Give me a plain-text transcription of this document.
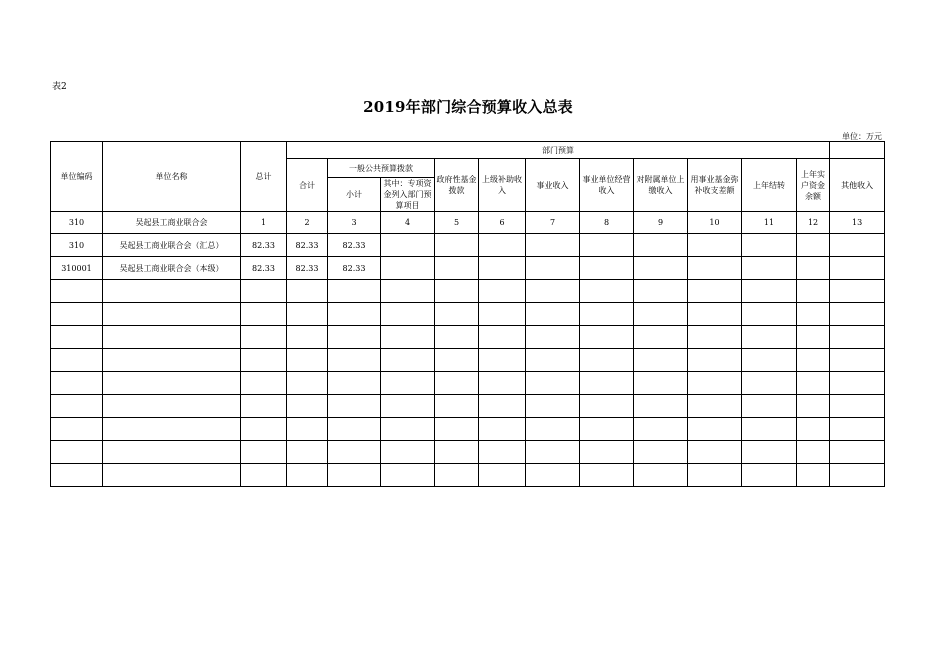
表2
2019年部门综合预算收入总表
单位：万元
单位编码	单位名称	总计	部门预算											
			合计	一般公共预算拨款		政府性基金拨款	上级补助收入	事业收入	事业单位经营收入	对附属单位上缴收入	用事业基金弥补收支差额	上年结转	上年实户资金余额	其他收入
				小计	其中：专项资金列入部门预算项目									
310	吴起县工商业联合会	1	2	3	4	5	6	7	8	9	10	11	12	13
310	吴起县工商业联合会（汇总）	82.33	82.33	82.33										
310001	吴起县工商业联合会（本级）	82.33	82.33	82.33										
